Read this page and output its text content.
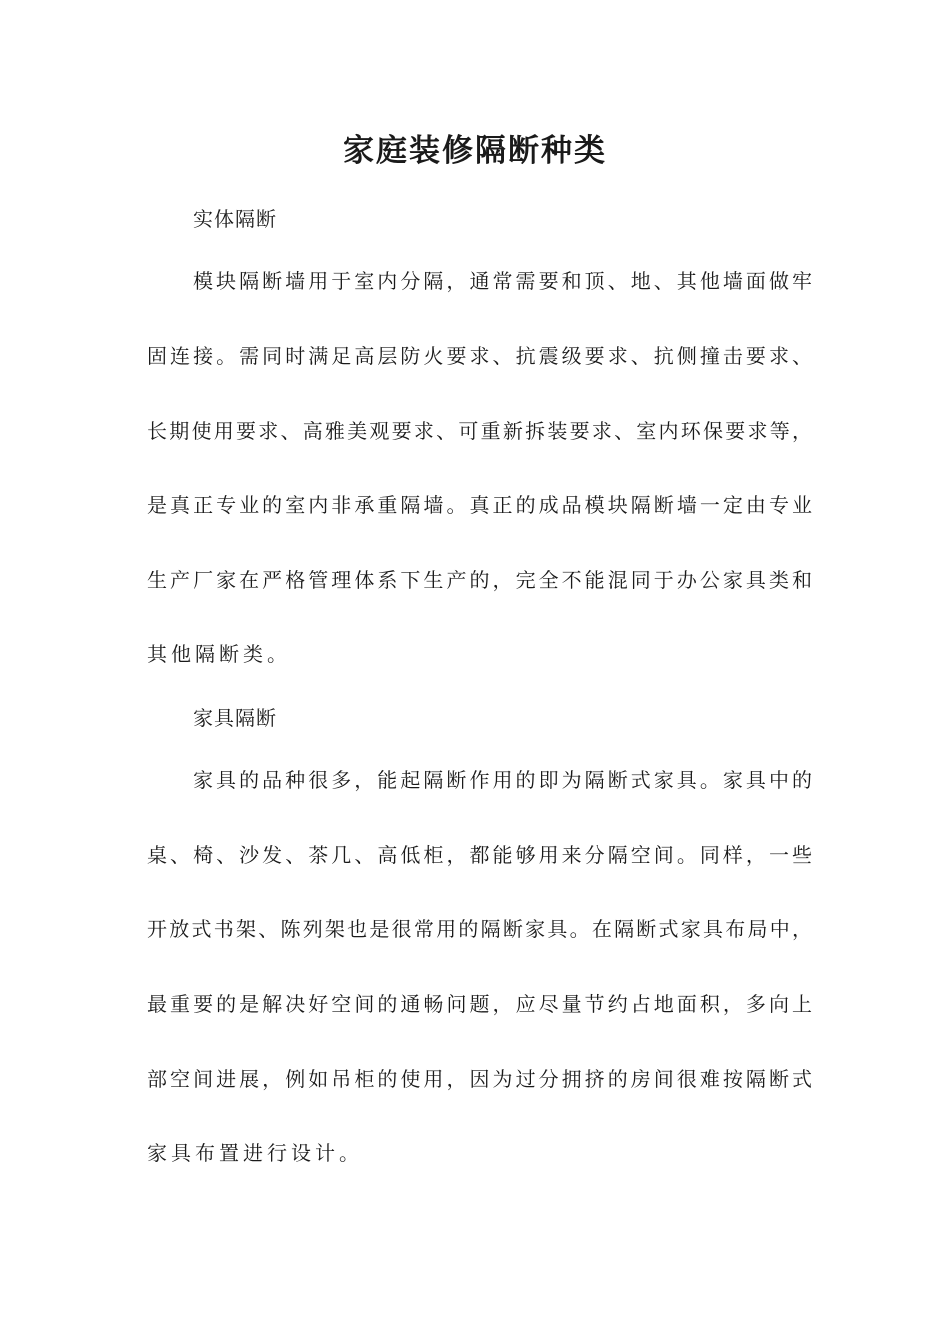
家庭装修隔断种类

实体隔断

模块隔断墙用于室内分隔，通常需要和顶、地、其他墙面做牢

固连接。需同时满足高层防火要求、抗震级要求、抗侧撞击要求、

长期使用要求、高雅美观要求、可重新拆装要求、室内环保要求等，

是真正专业的室内非承重隔墙。真正的成品模块隔断墙一定由专业

生产厂家在严格管理体系下生产的，完全不能混同于办公家具类和

其他隔断类。

家具隔断

家具的品种很多，能起隔断作用的即为隔断式家具。家具中的

桌、椅、沙发、茶几、高低柜，都能够用来分隔空间。同样，一些

开放式书架、陈列架也是很常用的隔断家具。在隔断式家具布局中，

最重要的是解决好空间的通畅问题，应尽量节约占地面积，多向上

部空间进展，例如吊柜的使用，因为过分拥挤的房间很难按隔断式

家具布置进行设计。
